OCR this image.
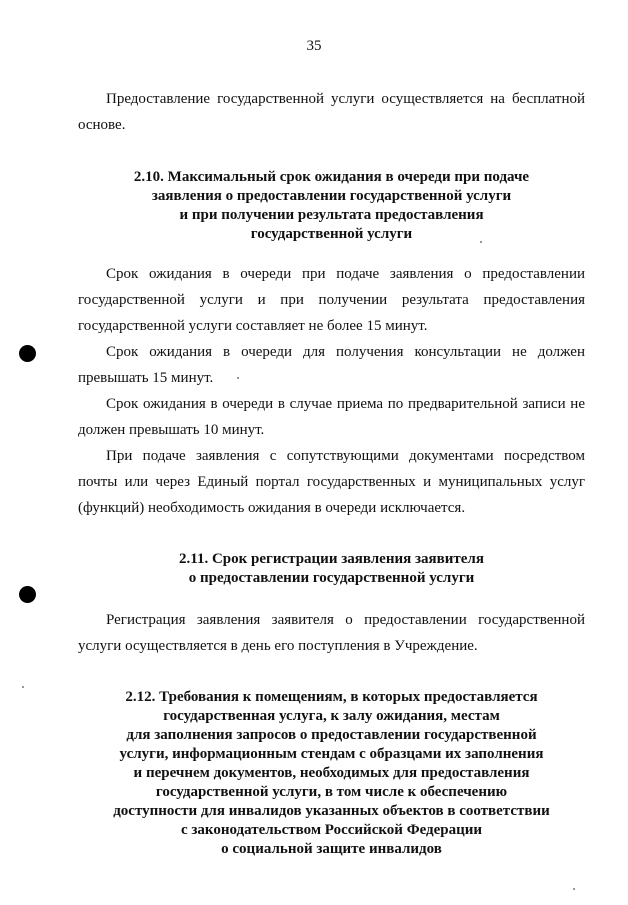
35
Предоставление государственной услуги осуществляется на бесплатной основе.
2.10. Максимальный срок ожидания в очереди при подаче
заявления о предоставлении государственной услуги
и при получении результата предоставления
государственной услуги
Срок ожидания в очереди при подаче заявления о предоставлении государственной услуги и при получении результата предоставления государственной услуги составляет не более 15 минут.
Срок ожидания в очереди для получения консультации не должен превышать 15 минут.
Срок ожидания в очереди в случае приема по предварительной записи не должен превышать 10 минут.
При подаче заявления с сопутствующими документами посредством почты или через Единый портал государственных и муниципальных услуг (функций) необходимость ожидания в очереди исключается.
2.11. Срок регистрации заявления заявителя
о предоставлении государственной услуги
Регистрация заявления заявителя о предоставлении государственной услуги осуществляется в день его поступления в Учреждение.
2.12. Требования к помещениям, в которых предоставляется
государственная услуга, к залу ожидания, местам
для заполнения запросов о предоставлении государственной
услуги, информационным стендам с образцами их заполнения
и перечнем документов, необходимых для предоставления
государственной услуги, в том числе к обеспечению
доступности для инвалидов указанных объектов в соответствии
с законодательством Российской Федерации
о социальной защите инвалидов
